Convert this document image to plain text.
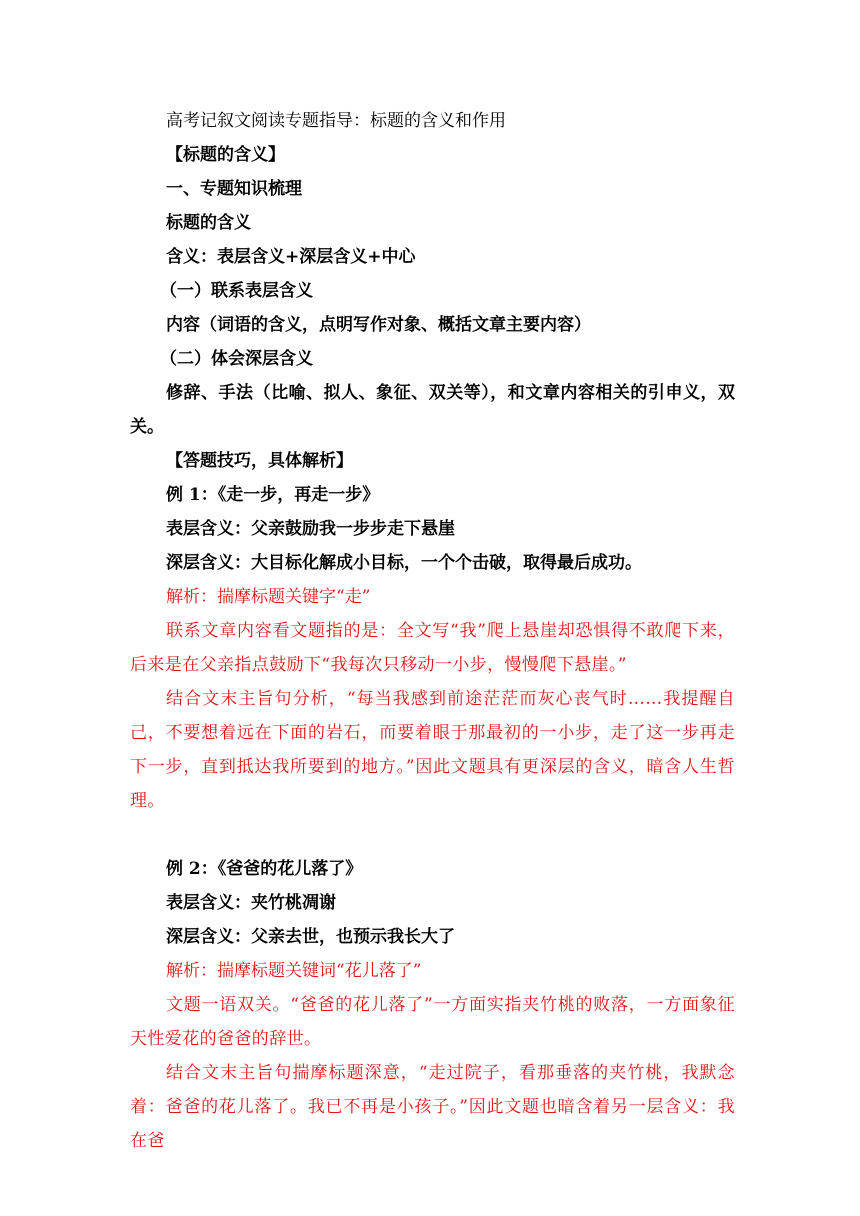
高考记叙文阅读专题指导：标题的含义和作用
【标题的含义】
一、专题知识梳理
标题的含义
含义：表层含义+深层含义+中心
（一）联系表层含义
内容（词语的含义，点明写作对象、概括文章主要内容）
（二）体会深层含义
修辞、手法（比喻、拟人、象征、双关等），和文章内容相关的引申义，双关。
【答题技巧，具体解析】
例 1：《走一步，再走一步》
表层含义：父亲鼓励我一步步走下悬崖
深层含义：大目标化解成小目标，一个个击破，取得最后成功。
解析：揣摩标题关键字“走”
联系文章内容看文题指的是：全文写“我”爬上悬崖却恐惧得不敢爬下来，后来是在父亲指点鼓励下“我每次只移动一小步，慢慢爬下悬崖。”
结合文末主旨句分析，“每当我感到前途茫茫而灰心丧气时……我提醒自己，不要想着远在下面的岩石，而要着眼于那最初的一小步，走了这一步再走下一步，直到抵达我所要到的地方。”因此文题具有更深层的含义，暗含人生哲理。
例 2：《爸爸的花儿落了》
表层含义：夹竹桃凋谢
深层含义：父亲去世，也预示我长大了
解析：揣摩标题关键词“花儿落了”
文题一语双关。“爸爸的花儿落了”一方面实指夹竹桃的败落，一方面象征天性爱花的爸爸的辞世。
结合文末主旨句揣摩标题深意，“走过院子，看那垂落的夹竹桃，我默念着：爸爸的花儿落了。我已不再是小孩子。”因此文题也暗含着另一层含义：我在爸
